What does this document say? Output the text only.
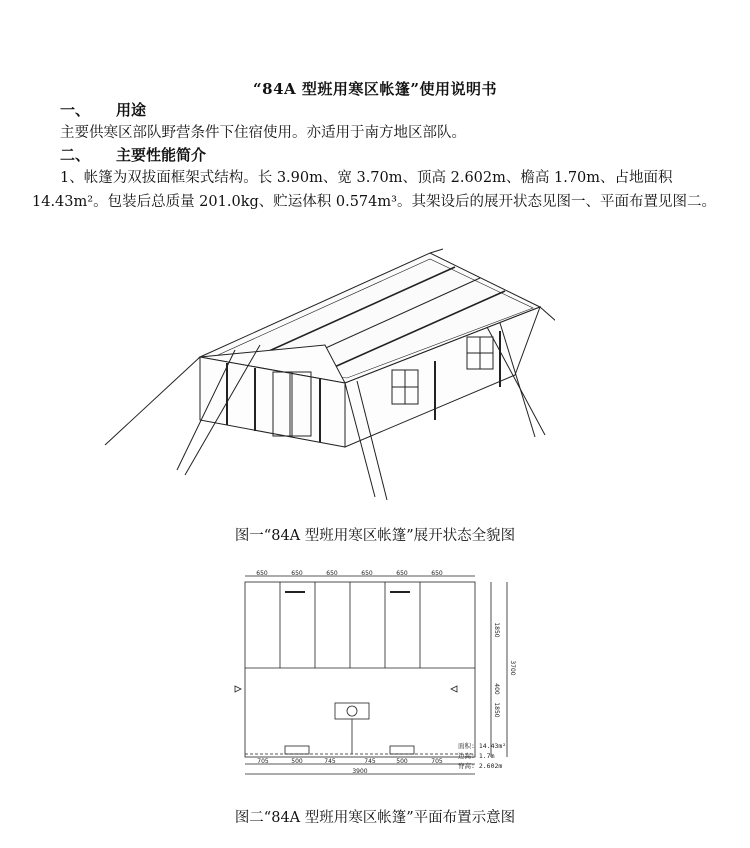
“84A 型班用寒区帐篷”使用说明书
一、 用途
主要供寒区部队野营条件下住宿使用。亦适用于南方地区部队。
二、 主要性能简介
1、帐篷为双拔面框架式结构。长 3.90m、宽 3.70m、顶高 2.602m、檐高 1.70m、占地面积 14.43m²。包装后总质量 201.0kg、贮运体积 0.574m³。其架设后的展开状态见图一、平面布置见图二。
图一“84A 型班用寒区帐篷”展开状态全貌图
650	650	650	650	650	650
705	500	745	745	500	705
3900
1850
400
1850
3700
面积: 14.43m²
边高: 1.7m
脊高: 2.602m
图二“84A 型班用寒区帐篷”平面布置示意图
